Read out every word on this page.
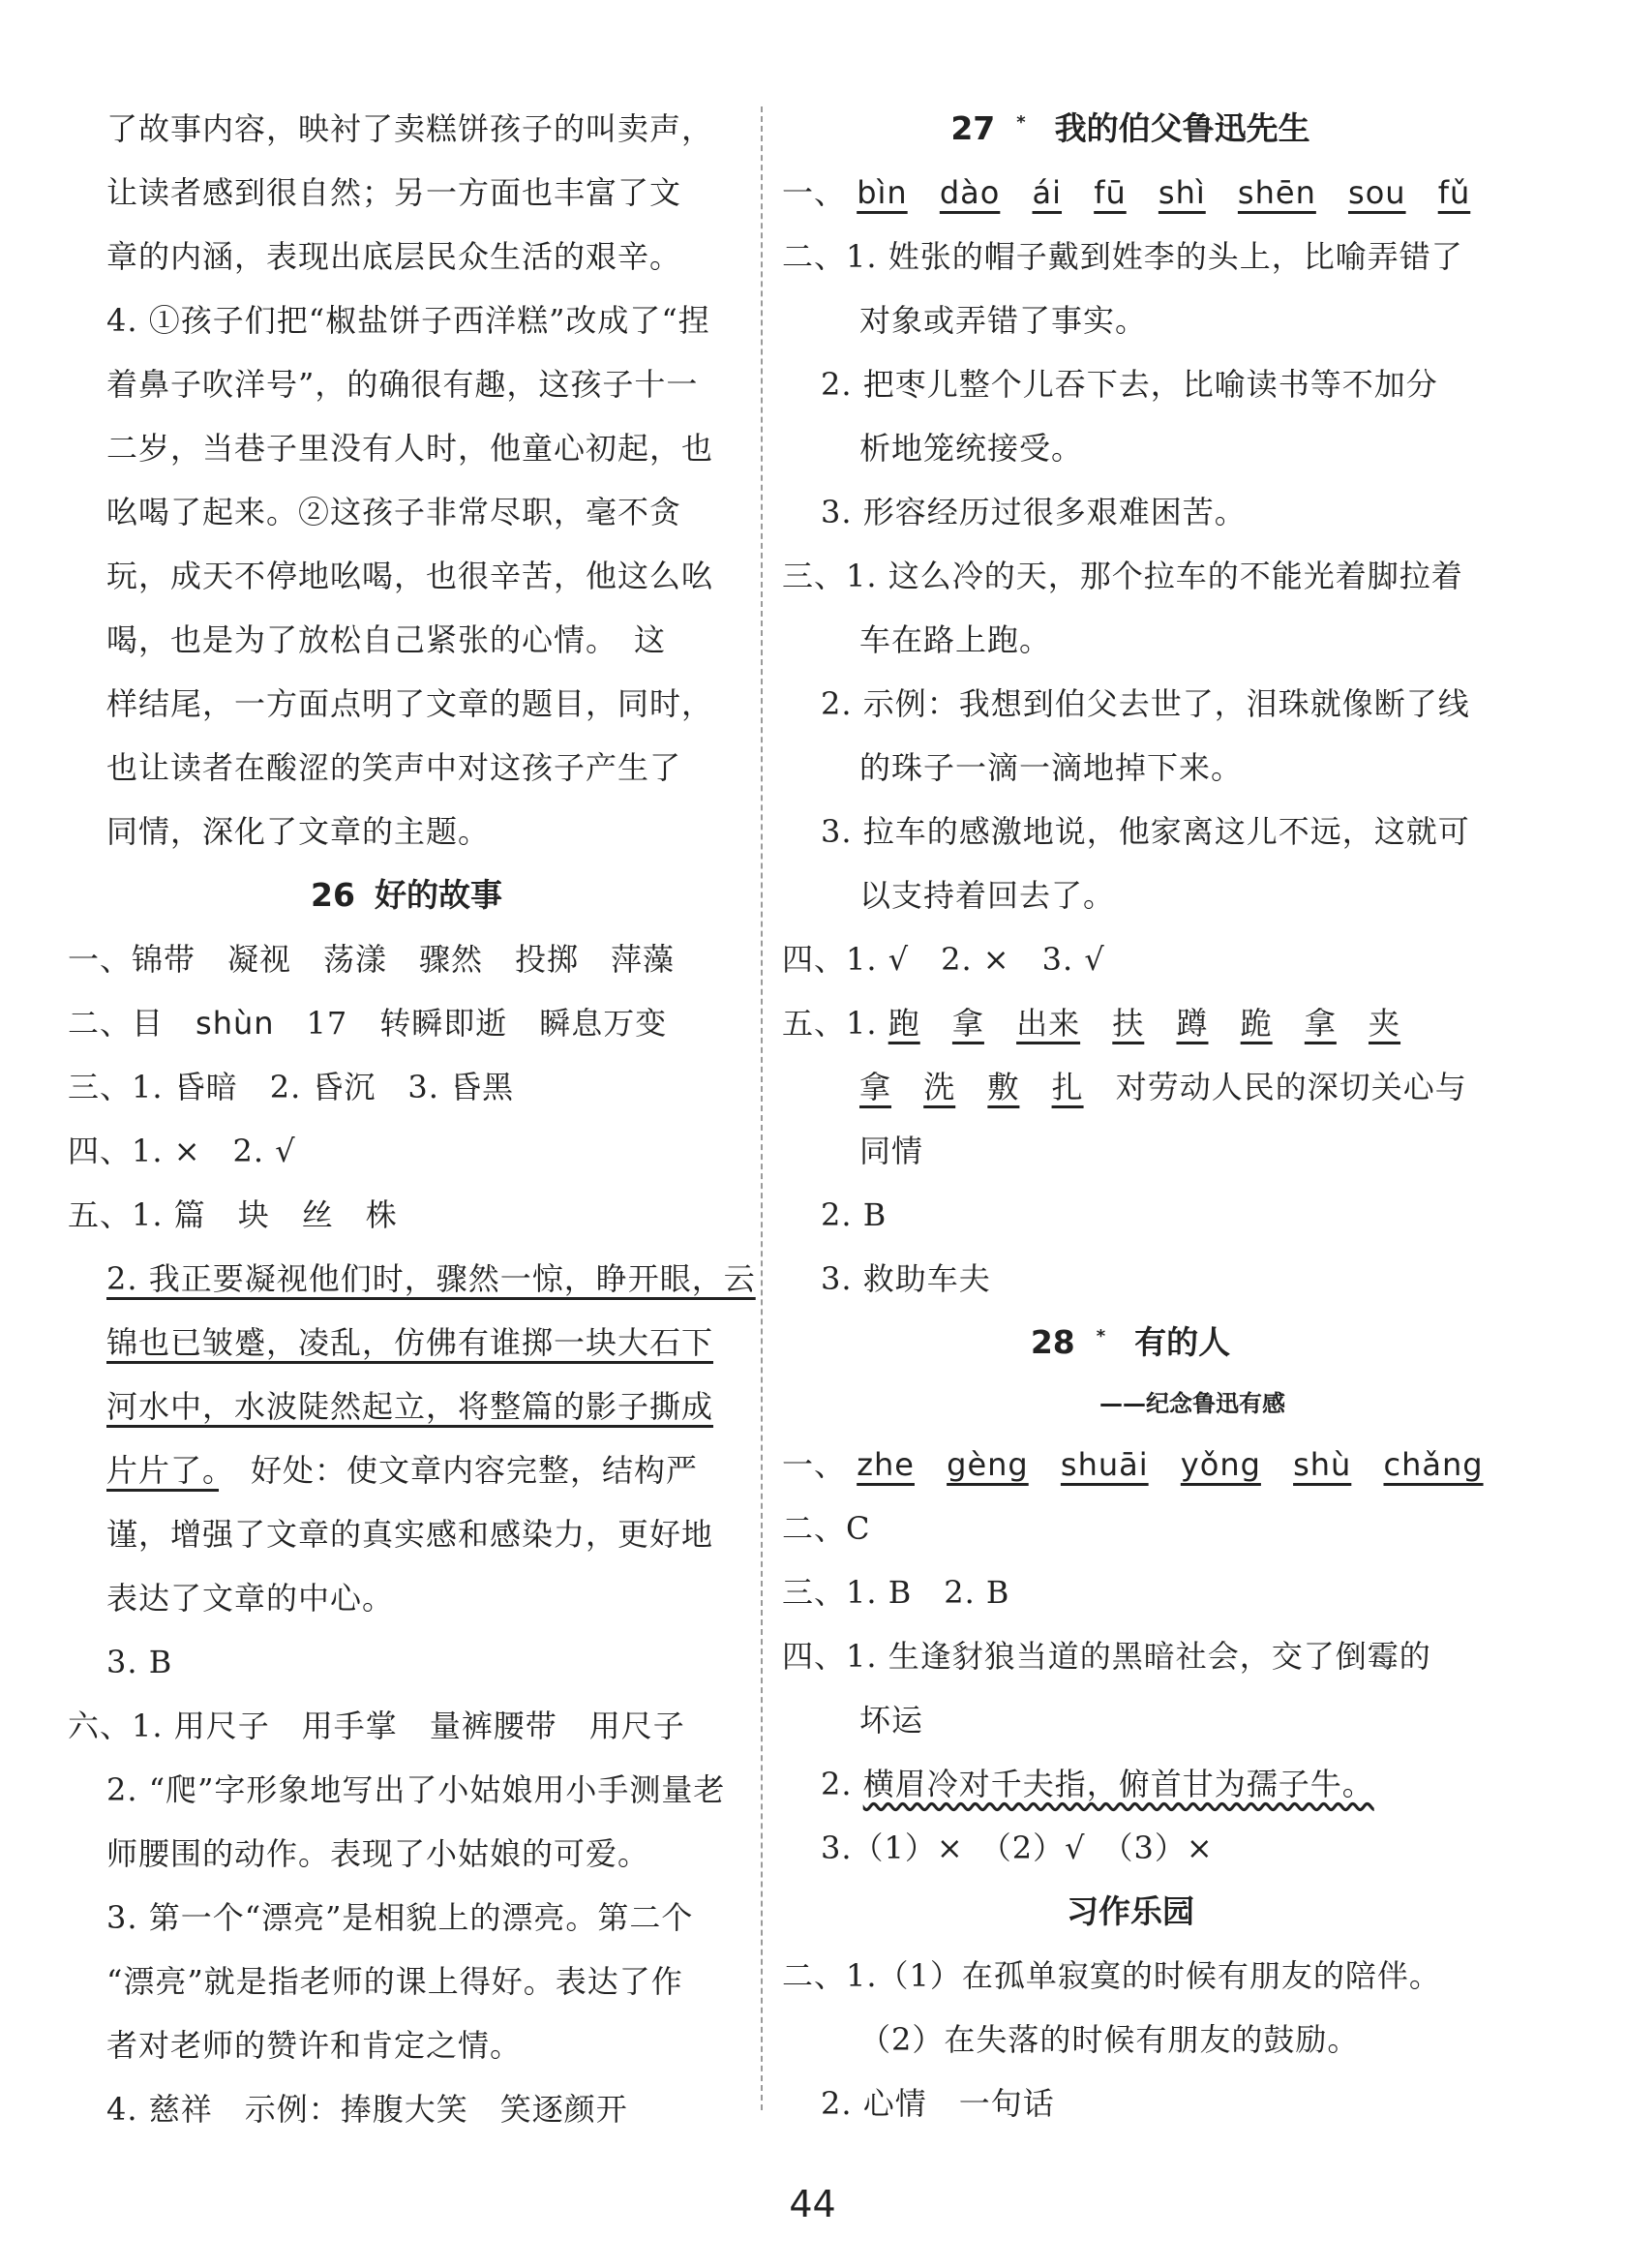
了故事内容，映衬了卖糕饼孩子的叫卖声，
让读者感到很自然；另一方面也丰富了文
章的内涵，表现出底层民众生活的艰辛。
4. ①孩子们把“椒盐饼子西洋糕”改成了“捏
着鼻子吹洋号”，的确很有趣，这孩子十一
二岁，当巷子里没有人时，他童心初起，也
吆喝了起来。②这孩子非常尽职，毫不贪
玩，成天不停地吆喝，也很辛苦，他这么吆
喝，也是为了放松自己紧张的心情。　这
样结尾，一方面点明了文章的题目，同时，
也让读者在酸涩的笑声中对这孩子产生了
同情，深化了文章的主题。
26 好的故事
一、锦带　凝视　荡漾　骤然　投掷　萍藻
二、目　shùn　17　转瞬即逝　瞬息万变
三、1. 昏暗　2. 昏沉　3. 昏黑
四、1. ×　2. √
五、1. 篇　块　丝　株
2. 我正要凝视他们时，骤然一惊，睁开眼，云
锦也已皱蹙，凌乱，仿佛有谁掷一块大石下
河水中，水波陡然起立，将整篇的影子撕成
片片了。　好处：使文章内容完整，结构严
谨，增强了文章的真实感和感染力，更好地
表达了文章的中心。
3. B
六、1. 用尺子　用手掌　量裤腰带　用尺子
2. “爬”字形象地写出了小姑娘用小手测量老
师腰围的动作。表现了小姑娘的可爱。
3. 第一个“漂亮”是相貌上的漂亮。第二个
“漂亮”就是指老师的课上得好。表达了作
者对老师的赞许和肯定之情。
4. 慈祥　示例：捧腹大笑　笑逐颜开
27 * 我的伯父鲁迅先生
一、 bìn dào ái fū shì shēn sou fǔ
二、1. 姓张的帽子戴到姓李的头上，比喻弄错了
对象或弄错了事实。
2. 把枣儿整个儿吞下去，比喻读书等不加分
析地笼统接受。
3. 形容经历过很多艰难困苦。
三、1. 这么冷的天，那个拉车的不能光着脚拉着
车在路上跑。
2. 示例：我想到伯父去世了，泪珠就像断了线
的珠子一滴一滴地掉下来。
3. 拉车的感激地说，他家离这儿不远，这就可
以支持着回去了。
四、1. √　2. ×　3. √
五、1. 跑 拿 出来 扶 蹲 跪 拿 夹
拿 洗 敷 扎 对劳动人民的深切关心与
同情
2. B
3. 救助车夫
28 * 有的人
——纪念鲁迅有感
一、 zhe gèng shuāi yǒng shù chǎng
二、C
三、1. B　2. B
四、1. 生逢豺狼当道的黑暗社会，交了倒霉的
坏运
2. 横眉冷对千夫指，俯首甘为孺子牛。
3.（1）×　（2）√　（3）×
习作乐园
二、1.（1）在孤单寂寞的时候有朋友的陪伴。
（2）在失落的时候有朋友的鼓励。
2. 心情　一句话
44
